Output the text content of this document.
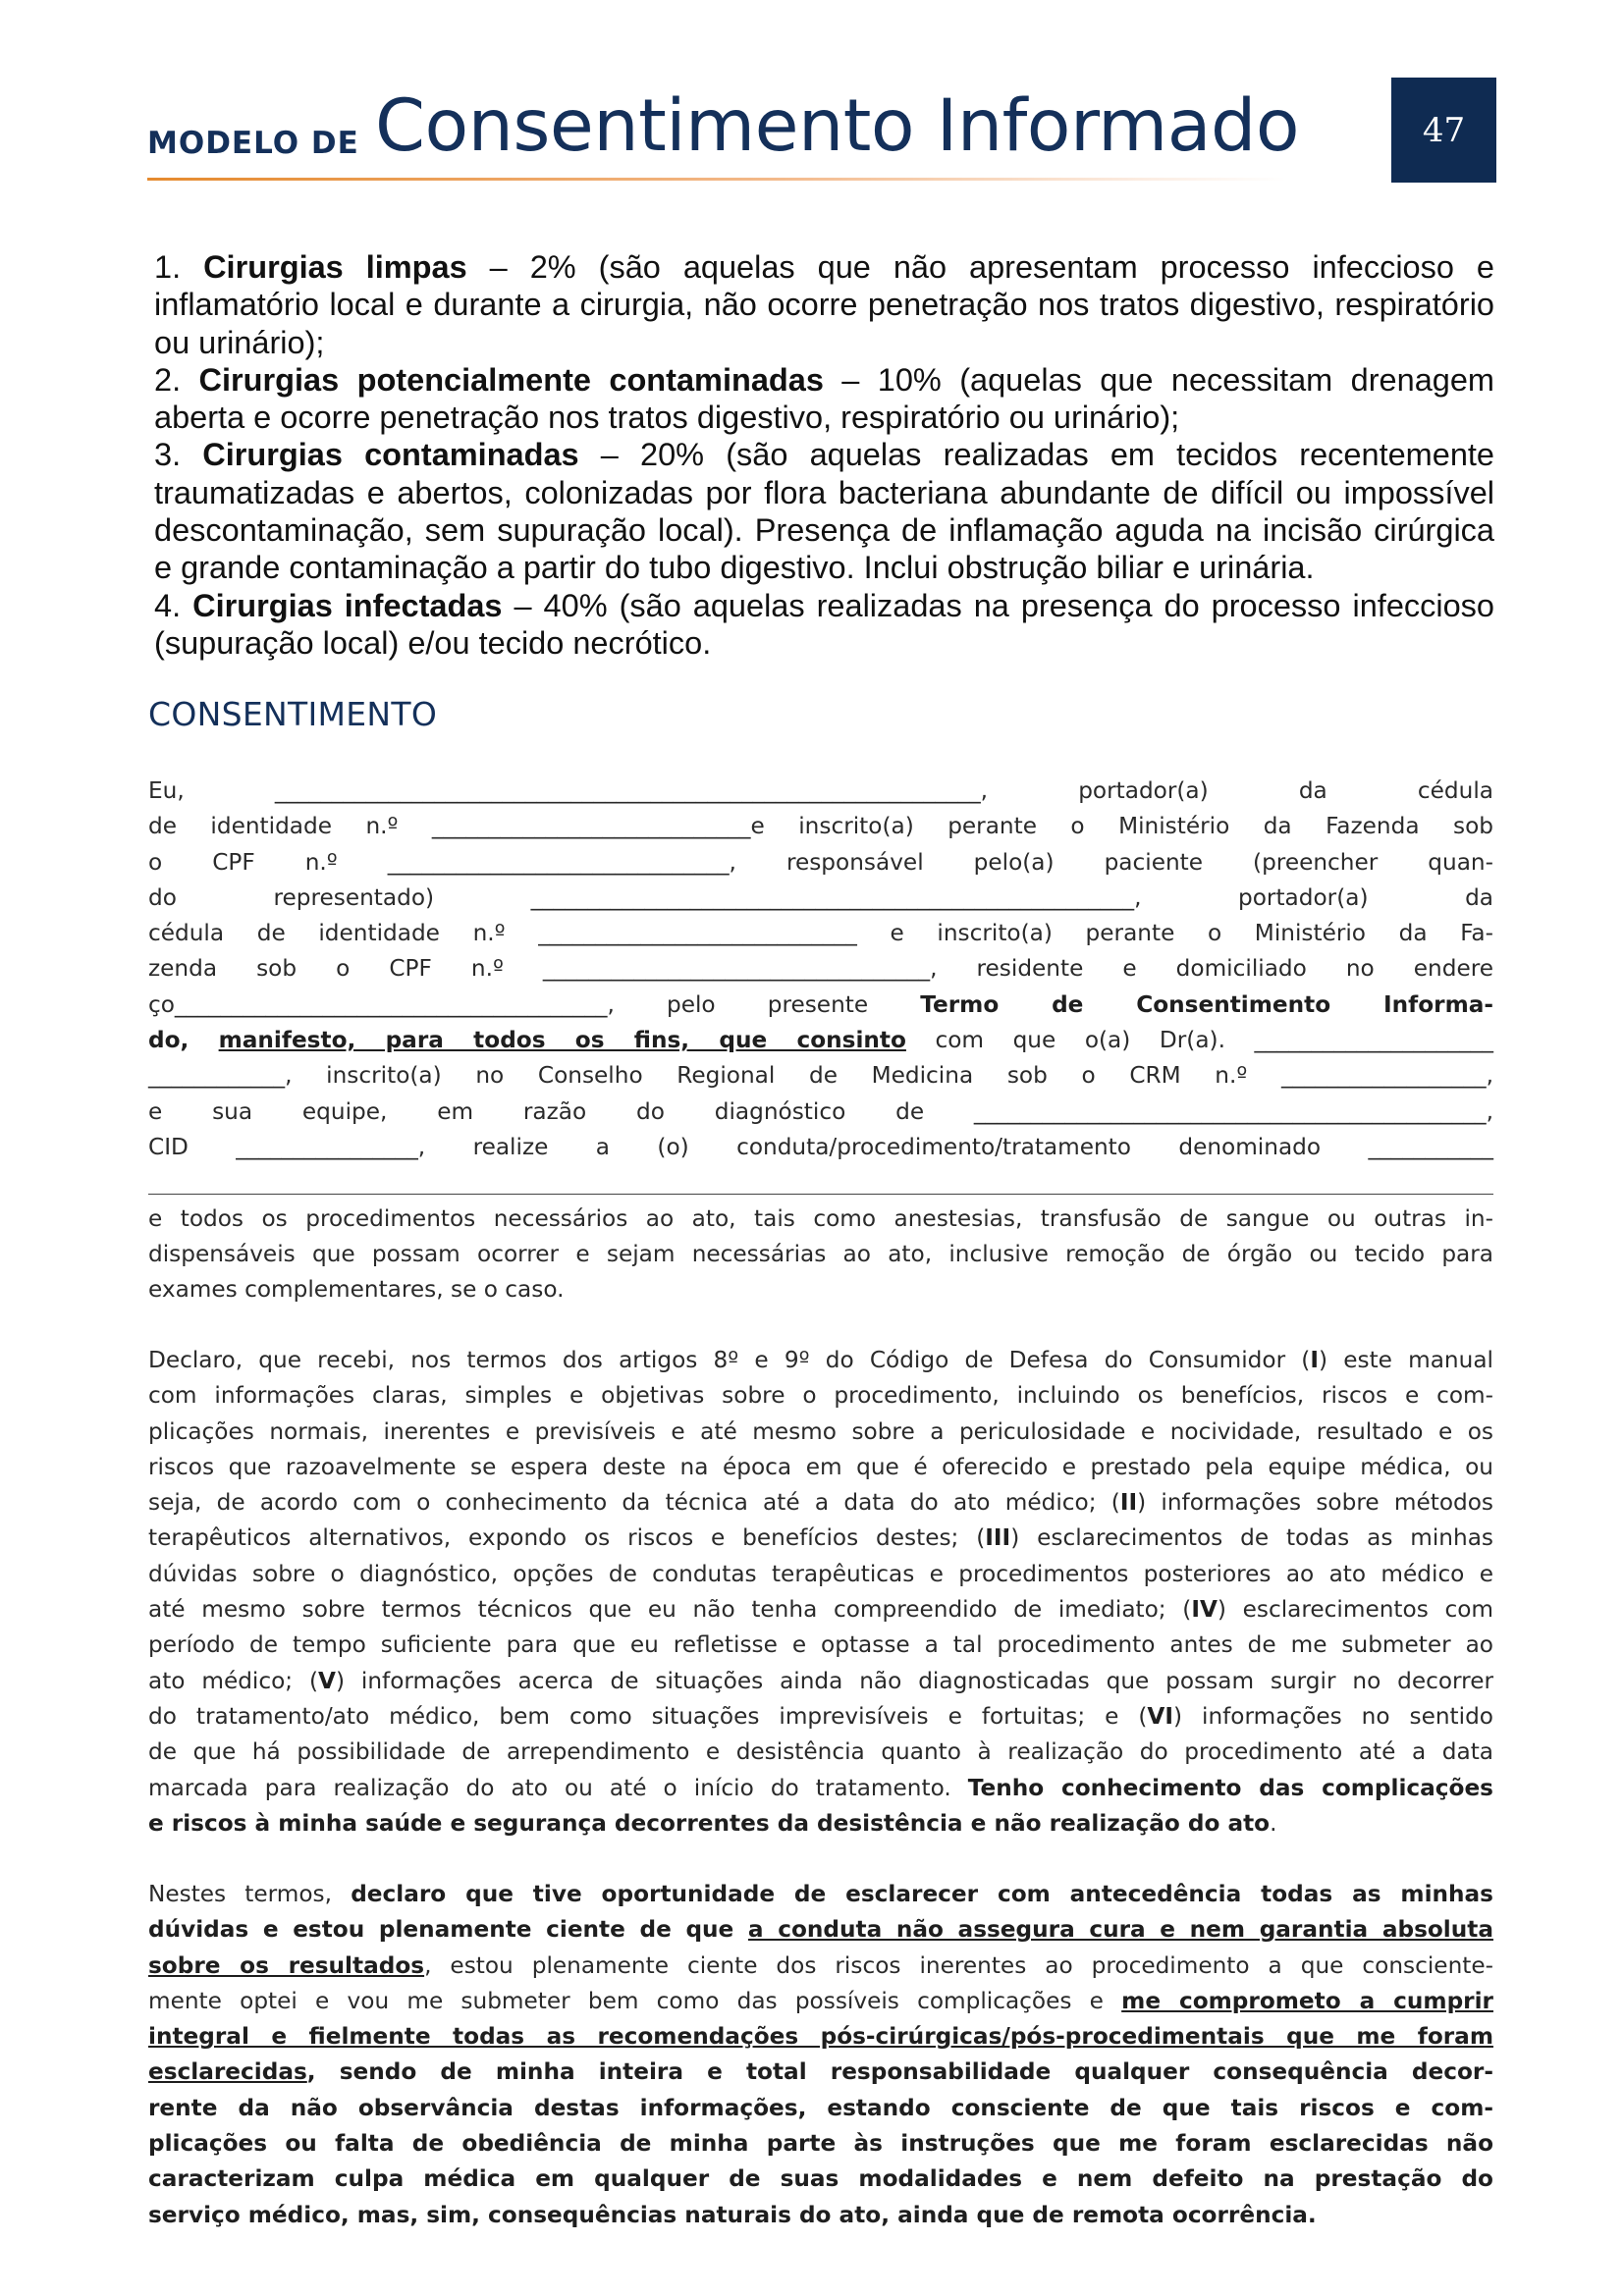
MODELO DE Consentimento Informado	47
1. Cirurgias limpas – 2% (são aquelas que não apresentam processo infeccioso e
inflamatório local e durante a cirurgia, não ocorre penetração nos tratos digestivo, respiratório
ou urinário);
2. Cirurgias potencialmente contaminadas – 10% (aquelas que necessitam drenagem
aberta e ocorre penetração nos tratos digestivo, respiratório ou urinário);
3. Cirurgias contaminadas – 20% (são aquelas realizadas em tecidos recentemente
traumatizadas e abertos, colonizadas por flora bacteriana abundante de difícil ou impossível
descontaminação, sem supuração local). Presença de inflamação aguda na incisão cirúrgica
e grande contaminação a partir do tubo digestivo. Inclui obstrução biliar e urinária.
4. Cirurgias infectadas – 40% (são aquelas realizadas na presença do processo infeccioso
(supuração local) e/ou tecido necrótico.
CONSENTIMENTO
Eu, ______________________________________________________________, portador(a) da cédula
de identidade n.º ____________________________e inscrito(a) perante o Ministério da Fazenda sob
o CPF n.º ______________________________, responsável pelo(a) paciente (preencher quan-
do representado) _____________________________________________________, portador(a) da
cédula de identidade n.º ____________________________ e inscrito(a) perante o Ministério da Fa-
zenda sob o CPF n.º __________________________________, residente e domiciliado no endere
ço______________________________________, pelo presente Termo de Consentimento Informa-
do, manifesto, para todos os fins, que consinto com que o(a) Dr(a). _____________________
____________, inscrito(a) no Conselho Regional de Medicina sob o CRM n.º __________________,
e sua equipe, em razão do diagnóstico de _____________________________________________,
CID ________________, realize a (o) conduta/procedimento/tratamento denominado ___________
e todos os procedimentos necessários ao ato, tais como anestesias, transfusão de sangue ou outras in-
dispensáveis que possam ocorrer e sejam necessárias ao ato, inclusive remoção de órgão ou tecido para
exames complementares, se o caso.
Declaro, que recebi, nos termos dos artigos 8º e 9º do Código de Defesa do Consumidor (I) este manual
com informações claras, simples e objetivas sobre o procedimento, incluindo os benefícios, riscos e com-
plicações normais, inerentes e previsíveis e até mesmo sobre a periculosidade e nocividade, resultado e os
riscos que razoavelmente se espera deste na época em que é oferecido e prestado pela equipe médica, ou
seja, de acordo com o conhecimento da técnica até a data do ato médico; (II) informações sobre métodos
terapêuticos alternativos, expondo os riscos e benefícios destes; (III) esclarecimentos de todas as minhas
dúvidas sobre o diagnóstico, opções de condutas terapêuticas e procedimentos posteriores ao ato médico e
até mesmo sobre termos técnicos que eu não tenha compreendido de imediato; (IV) esclarecimentos com
período de tempo suficiente para que eu refletisse e optasse a tal procedimento antes de me submeter ao
ato médico; (V) informações acerca de situações ainda não diagnosticadas que possam surgir no decorrer
do tratamento/ato médico, bem como situações imprevisíveis e fortuitas; e (VI) informações no sentido
de que há possibilidade de arrependimento e desistência quanto à realização do procedimento até a data
marcada para realização do ato ou até o início do tratamento. Tenho conhecimento das complicações
e riscos à minha saúde e segurança decorrentes da desistência e não realização do ato.
Nestes termos, declaro que tive oportunidade de esclarecer com antecedência todas as minhas
dúvidas e estou plenamente ciente de que a conduta não assegura cura e nem garantia absoluta
sobre os resultados, estou plenamente ciente dos riscos inerentes ao procedimento a que consciente-
mente optei e vou me submeter bem como das possíveis complicações e me comprometo a cumprir
integral e fielmente todas as recomendações pós-cirúrgicas/pós-procedimentais que me foram
esclarecidas, sendo de minha inteira e total responsabilidade qualquer consequência decor-
rente da não observância destas informações, estando consciente de que tais riscos e com-
plicações ou falta de obediência de minha parte às instruções que me foram esclarecidas não
caracterizam culpa médica em qualquer de suas modalidades e nem defeito na prestação do
serviço médico, mas, sim, consequências naturais do ato, ainda que de remota ocorrência.
